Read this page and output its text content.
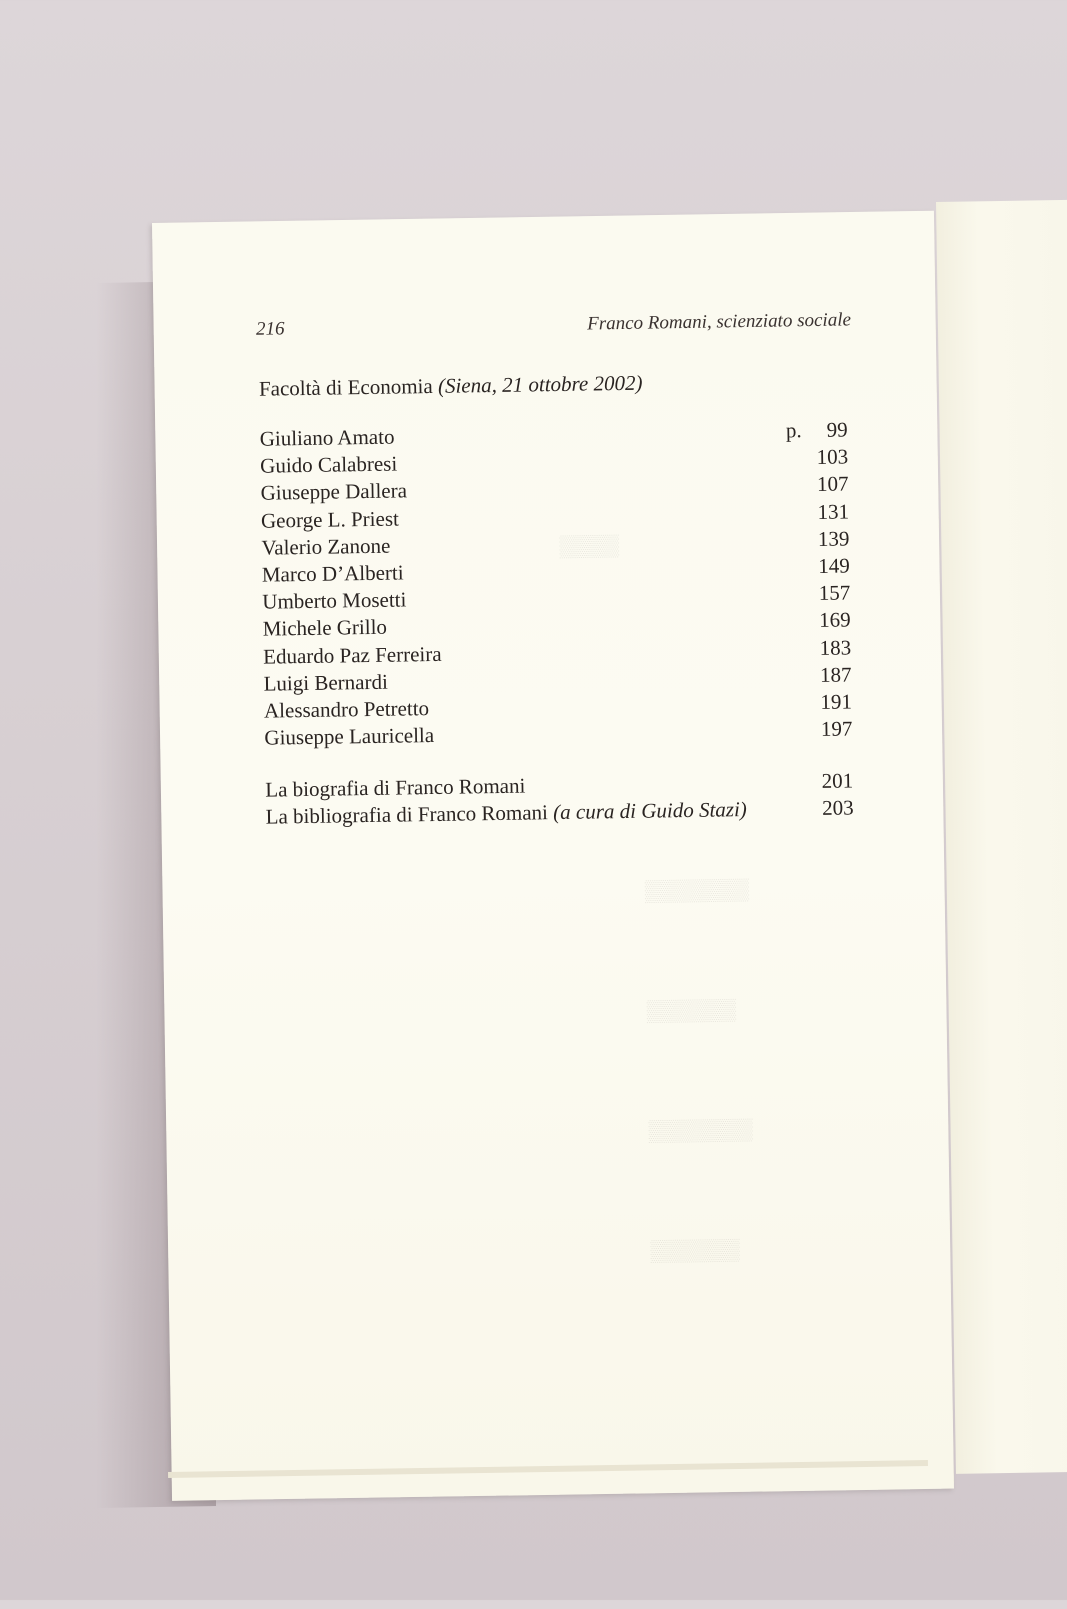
216	Franco Romani, scienziato sociale
Facoltà di Economia (Siena, 21 ottobre 2002)
Giuliano Amato	p.	99
Guido Calabresi	103
Giuseppe Dallera	107
George L. Priest	131
Valerio Zanone	139
Marco D’Alberti	149
Umberto Mosetti	157
Michele Grillo	169
Eduardo Paz Ferreira	183
Luigi Bernardi	187
Alessandro Petretto	191
Giuseppe Lauricella	197
La biografia di Franco Romani	201
La bibliografia di Franco Romani (a cura di Guido Stazi)	203
▒▒▒▒
▒▒▒▒▒▒▒
▒▒▒▒▒▒
▒▒▒▒▒▒▒
▒▒▒▒▒▒
